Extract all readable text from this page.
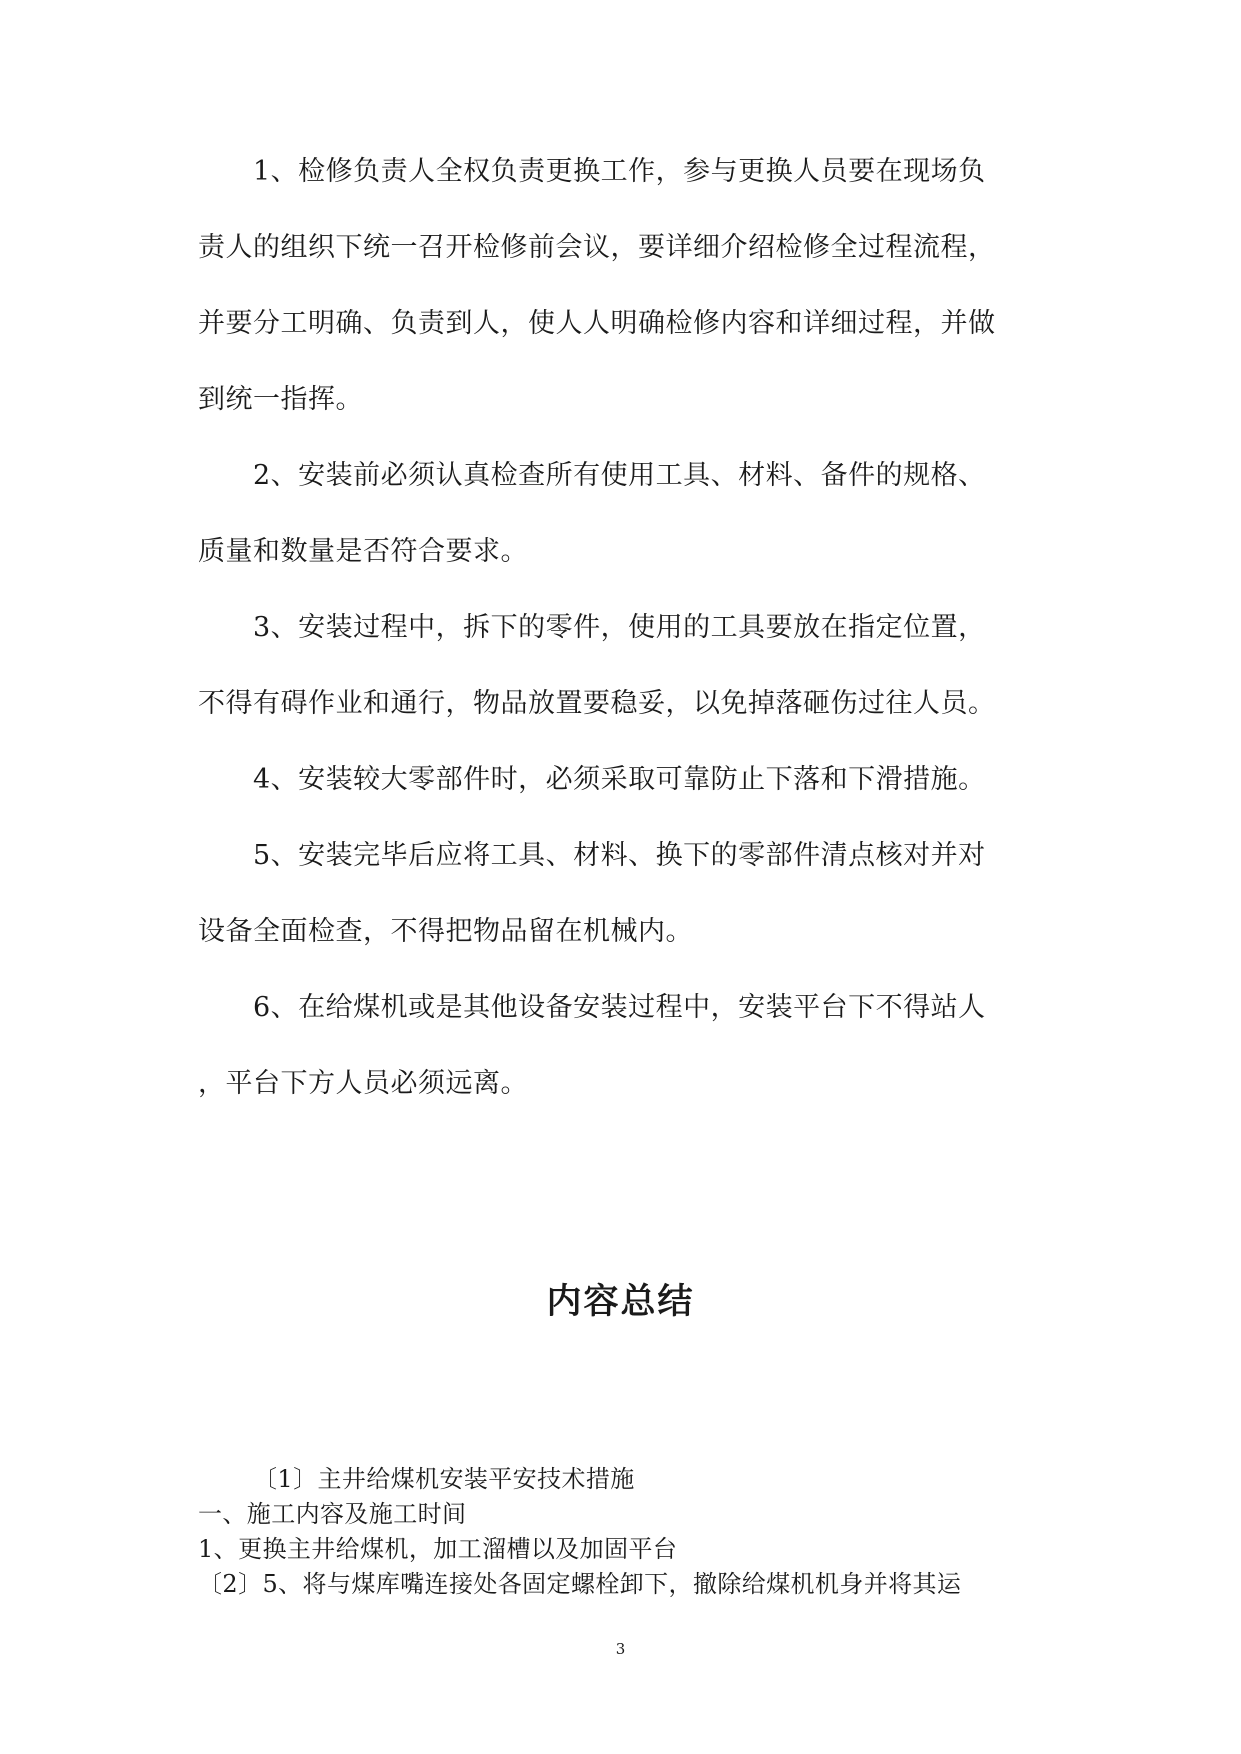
1、检修负责人全权负责更换工作，参与更换人员要在现场负
责人的组织下统一召开检修前会议，要详细介绍检修全过程流程，
并要分工明确、负责到人，使人人明确检修内容和详细过程，并做
到统一指挥。
2、安装前必须认真检查所有使用工具、材料、备件的规格、
质量和数量是否符合要求。
3、安装过程中，拆下的零件，使用的工具要放在指定位置，
不得有碍作业和通行，物品放置要稳妥，以免掉落砸伤过往人员。
4、安装较大零部件时，必须采取可靠防止下落和下滑措施。
5、安装完毕后应将工具、材料、换下的零部件清点核对并对
设备全面检查，不得把物品留在机械内。
6、在给煤机或是其他设备安装过程中，安装平台下不得站人
，平台下方人员必须远离。
内容总结
〔1〕主井给煤机安装平安技术措施
一、施工内容及施工时间
1、更换主井给煤机，加工溜槽以及加固平台
〔2〕5、将与煤库嘴连接处各固定螺栓卸下，撤除给煤机机身并将其运
3
